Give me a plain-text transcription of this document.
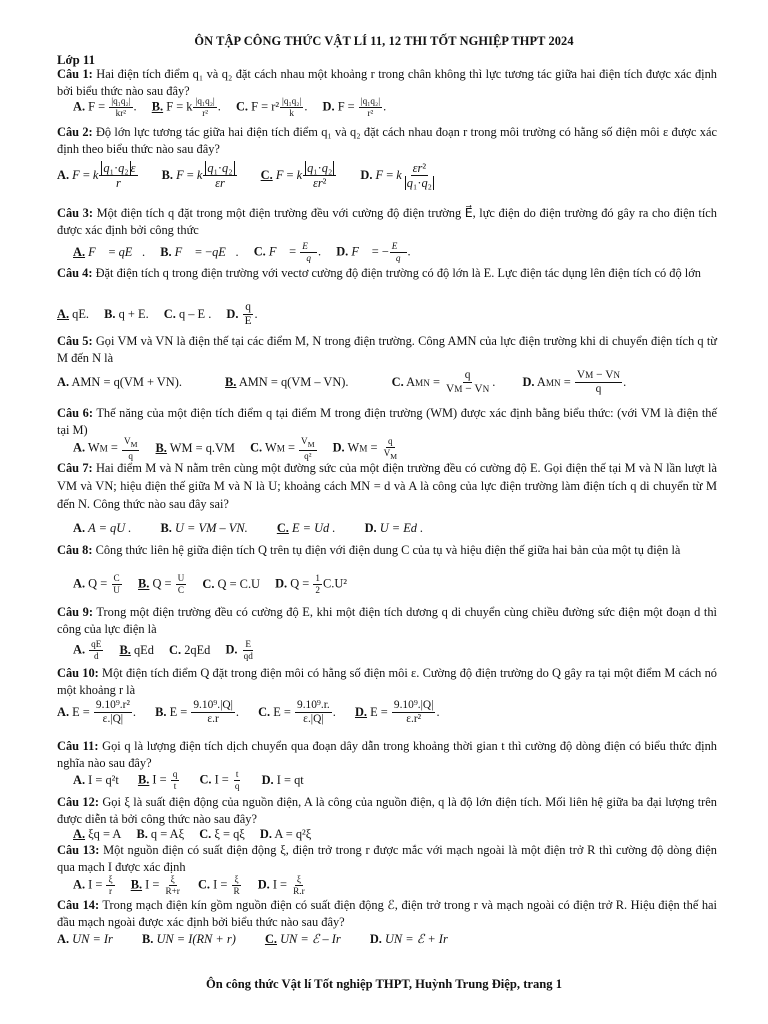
ÔN TẬP CÔNG THỨC VẬT LÍ 11, 12 THI TỐT NGHIỆP THPT 2024
Lớp 11
Câu 1: Hai điện tích điểm q₁ và q₂ đặt cách nhau một khoảng r trong chân không thì lực tương tác giữa hai điện tích được xác định bởi biểu thức nào sau đây?
A. $F = \frac{\text{|q₁q₂|}}{\text{kr²}}$ . B. F = k $\frac{\text{|q₁q₂|}}{\text{r²}}$ . C. $F = r^2 \frac{\text{|q₁q₂|}}{k}$ . D. $F = \frac{\text{|q₁q₂|}}{\text{r²}}$ .
Câu 2: Độ lớn lực tương tác giữa hai điện tích điểm q₁ và q₂ đặt cách nhau đoạn r trong môi trường có hằng số điện môi ε được xác định theo biểu thức nào sau đây?
A. F = k $\frac{\text{q₁·q₂ ε}}{r} B$. F = k $\frac{\text{q₁·q₂}}{\varepsilon r} C$. F = k $\frac{\text{q₁·q₂}}{\text{εr²}} D$. F = k $\frac{\text{εr²}}{\text{q₁·q₂}}$
Câu 3: Một điện tích q đặt trong một điện trường đều với cường độ điện trường E⃗, lực điện do điện trường đó gây ra cho điện tích được xác định bởi công thức
A. F⃗ = qE⃗. B. F⃗ = −qE⃗. C. F⃗ = $\frac{E⃗}{q}$ . D. F⃗ = − $\frac{E⃗}{q}$ .
Câu 4: Đặt điện tích q trong điện trường với vectơ cường độ điện trường có độ lớn là E. Lực điện tác dụng lên điện tích có độ lớn
A. qE. B. q + E. C. q – E . D. $\frac{q}{E}$ .
Câu 5: Gọi VM và VN là điện thế tại các điểm M, N trong điện trường. Công AMN của lực điện trường khi di chuyển điện tích q từ M đến N là
A. AMN = q(VM + VN).	B. AMN = q(VM – VN).	C. AMN = $\frac{q}{VM - VN}$ . D. AMN = $\frac{VM - VN}{q}$ .
Câu 6: Thế năng của một điện tích điểm q tại điểm M trong điện trường (WM) được xác định bằng biểu thức: (với VM là điện thế tại M)
A. WM = $\frac{V_M}{q} B$. WM = q.VM C. WM = $\frac{V_M}{\text{q²}} D$. WM = $\frac{q}{V_M}$
Câu 7: Hai điểm M và N nằm trên cùng một đường sức của một điện trường đều có cường độ E. Gọi điện thế tại M và N lần lượt là VM và VN; hiệu điện thế giữa M và N là U; khoảng cách MN = d và A là công của lực điện trường làm điện tích q di chuyển từ M đến N. Công thức nào sau đây sai?
A. A = qU . B. U = VM – VN. C. E = Ud . D. U = Ed .
Câu 8: Công thức liên hệ giữa điện tích Q trên tụ điện với điện dung C của tụ và hiệu điện thế giữa hai bản của một tụ điện là
A. $Q = \frac{C}{U} B$. $Q = \frac{U}{C} C$. Q = C.U D. $Q = \frac{1}{2} C.U^2$
Câu 9: Trong một điện trường đều có cường độ E, khi một điện tích dương q di chuyển cùng chiều đường sức điện một đoạn d thì công của lực điện là
A. $\frac{qE}{d} B$. qEd C. 2qEd D. $\frac{E}{qd}$
Câu 10: Một điện tích điểm Q đặt trong điện môi có hằng số điện môi ε. Cường độ điện trường do Q gây ra tại một điểm M cách nó một khoảng r là
A. $E = \frac{\text{9.10⁹.r²}}{\varepsilon.|Q|}$ . B. $E = \frac{\text{9.10⁹.|Q|}}{\varepsilon.r}$ . C. $E = \frac{\text{9.10⁹.r.}}{\varepsilon.|Q|}$ . D. $E = \frac{\text{9.10⁹.|Q|}}{\text{ε.r²}}$ .
Câu 11: Gọi q là lượng điện tích dịch chuyển qua đoạn dây dẫn trong khoảng thời gian t thì cường độ dòng điện có biểu thức định nghĩa nào sau đây?
A. I = q²t B. $I = \frac{q}{t} C$. $I = \frac{t}{q} D$. I = qt
Câu 12: Gọi ξ là suất điện động của nguồn điện, A là công của nguồn điện, q là độ lớn điện tích. Mối liên hệ giữa ba đại lượng trên được diễn tả bởi công thức nào sau đây?
A. ξq = A B. q = Aξ C. ξ = qξ D. A = q²ξ
Câu 13: Một nguồn điện có suất điện động ξ, điện trở trong r được mắc với mạch ngoài là một điện trở R thì cường độ dòng điện qua mạch I được xác định
A. $I = \frac{\xi}{r} B$. $I = \frac{\xi}{R+r} C$. $I = \frac{\xi}{R} D$. $I = \frac{\xi}{R.r}$
Câu 14: Trong mạch điện kín gồm nguồn điện có suất điện động ℰ, điện trở trong r và mạch ngoài có điện trở R. Hiệu điện thế hai đầu mạch ngoài được xác định bởi biểu thức nào sau đây?
A. UN = Ir B. UN = I(RN + r) C. UN = ℰ – Ir D. UN = ℰ + Ir
Ôn công thức Vật lí Tốt nghiệp THPT, Huỳnh Trung Điệp, trang 1
